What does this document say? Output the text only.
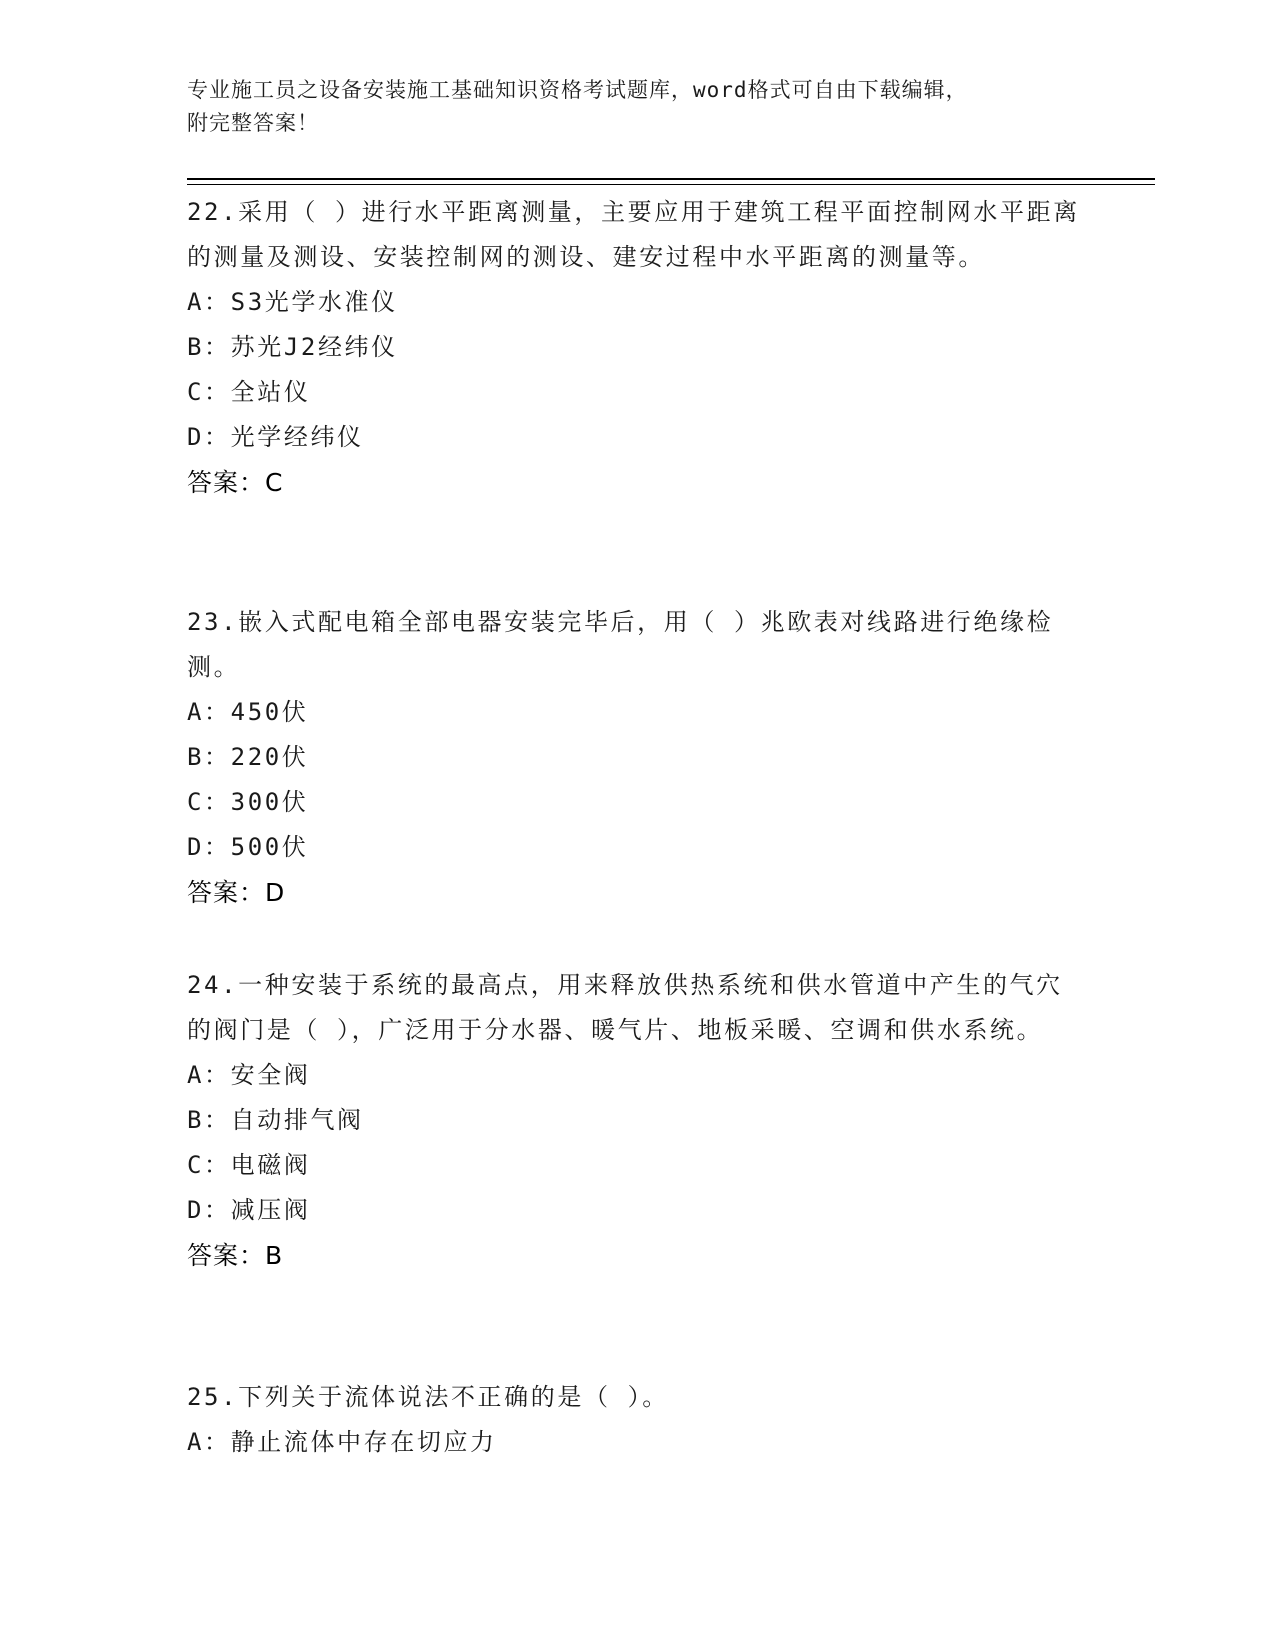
专业施工员之设备安装施工基础知识资格考试题库，word格式可自由下载编辑，
附完整答案！

22.采用（ ）进行水平距离测量，主要应用于建筑工程平面控制网水平距离的测量及测设、安装控制网的测设、建安过程中水平距离的测量等。

A：S3光学水准仪

B：苏光J2经纬仪

C：全站仪

D：光学经纬仪

答案：C

23.嵌入式配电箱全部电器安装完毕后，用（ ）兆欧表对线路进行绝缘检测。

A：450伏

B：220伏

C：300伏

D：500伏

答案：D

24.一种安装于系统的最高点，用来释放供热系统和供水管道中产生的气穴的阀门是（ ），广泛用于分水器、暖气片、地板采暖、空调和供水系统。

A：安全阀

B：自动排气阀

C：电磁阀

D：减压阀

答案：B

25.下列关于流体说法不正确的是（ ）。

A：静止流体中存在切应力
